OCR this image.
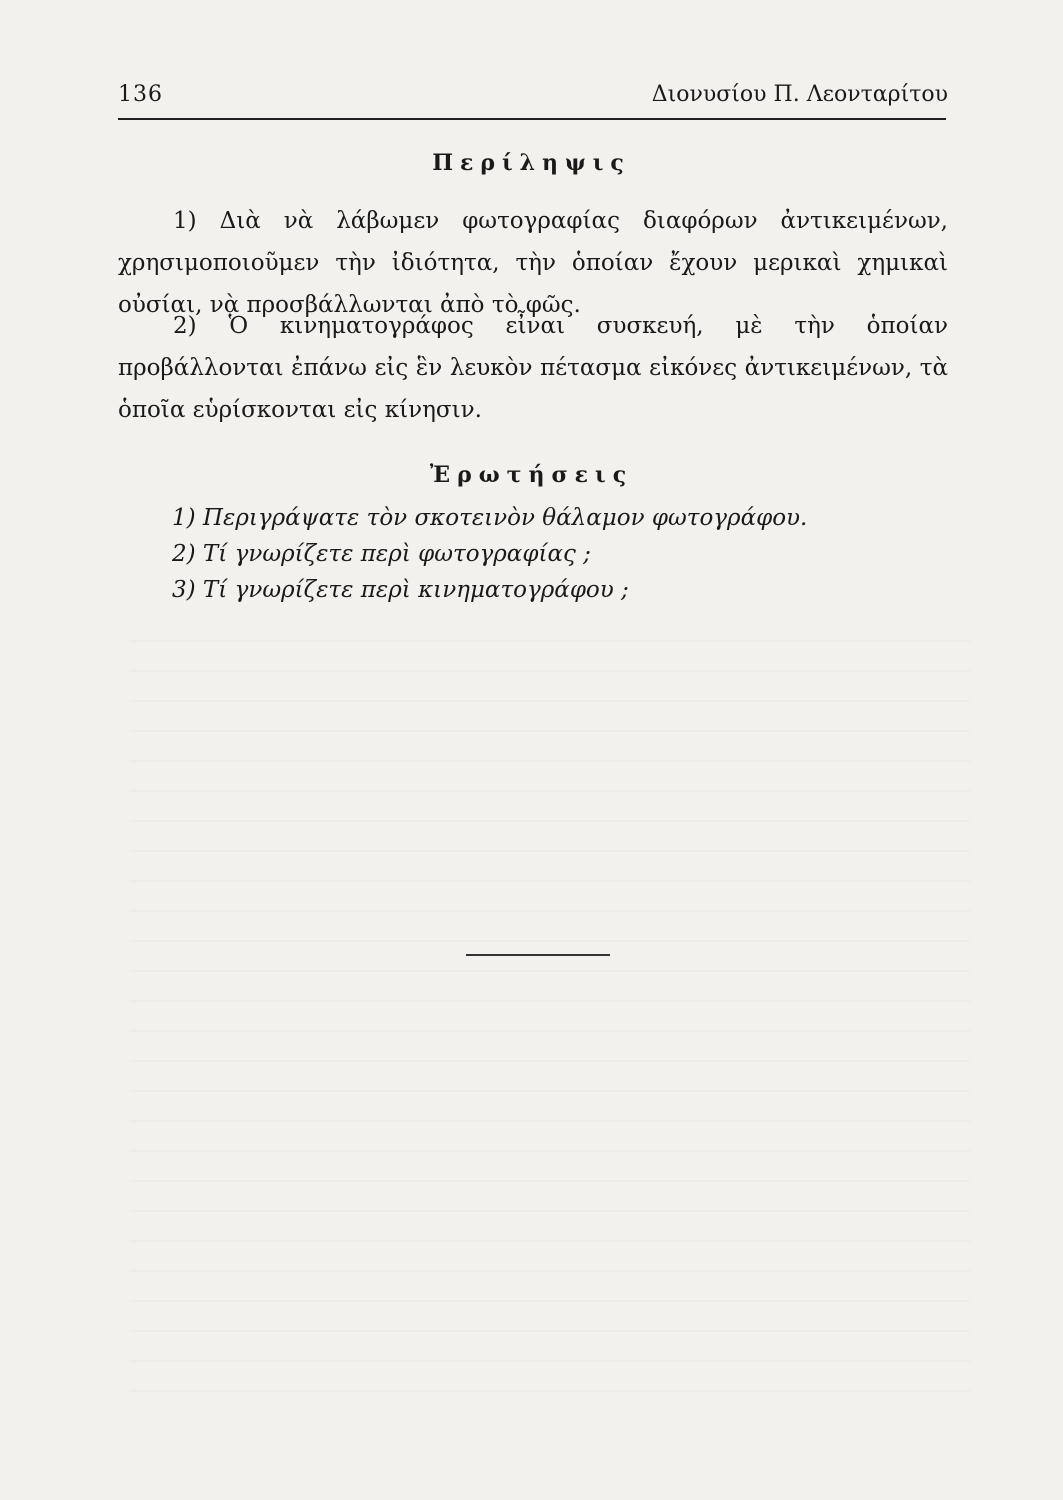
136	Διονυσίου Π. Λεονταρίτου
Περίληψις

1) Διὰ νὰ λάβωμεν φωτογραφίας διαφόρων ἀντικειμένων, χρησιμοποιοῦμεν τὴν ἰδιότητα, τὴν ὁποίαν ἔχουν μερικαὶ χημικαὶ οὐσίαι, νὰ προσβάλλωνται ἀπὸ τὸ φῶς.

2) Ὁ κινηματογράφος εἶναι συσκευή, μὲ τὴν ὁποίαν προβάλλονται ἐπάνω εἰς ἓν λευκὸν πέτασμα εἰκόνες ἀντικειμένων, τὰ ὁποῖα εὑρίσκονται εἰς κίνησιν.

Ἐρωτήσεις
1) Περιγράψατε τὸν σκοτεινὸν θάλαμον φωτογράφου.
2) Τί γνωρίζετε περὶ φωτογραφίας ;
3) Τί γνωρίζετε περὶ κινηματογράφου ;
